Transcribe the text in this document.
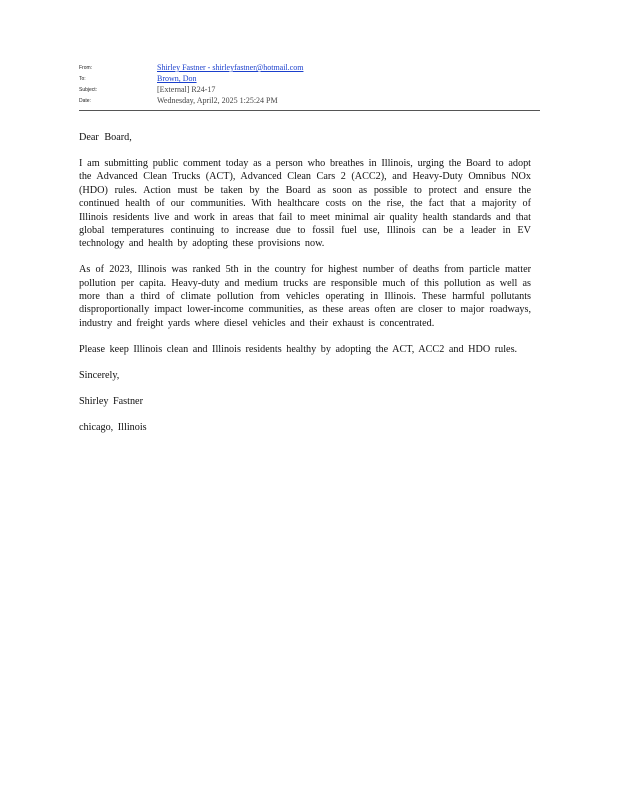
From:	Shirley Fastner - shirleyfastner@hotmail.com
To:	Brown, Don
Subject:	[External] R24-17
Date:	Wednesday, April2, 2025 1:25:24 PM

Dear Board,

I am submitting public comment today as a person who breathes in Illinois, urging the Board to adopt the Advanced Clean Trucks (ACT), Advanced Clean Cars 2 (ACC2), and Heavy-Duty Omnibus NOx (HDO) rules. Action must be taken by the Board as soon as possible to protect and ensure the continued health of our communities. With healthcare costs on the rise, the fact that a majority of Illinois residents live and work in areas that fail to meet minimal air quality health standards and that global temperatures continuing to increase due to fossil fuel use, Illinois can be a leader in EV technology and health by adopting these provisions now.

As of 2023, Illinois was ranked 5th in the country for highest number of deaths from particle matter pollution per capita. Heavy-duty and medium trucks are responsible much of this pollution as well as more than a third of climate pollution from vehicles operating in Illinois. These harmful pollutants disproportionally impact lower-income communities, as these areas often are closer to major roadways, industry and freight yards where diesel vehicles and their exhaust is concentrated.

Please keep Illinois clean and Illinois residents healthy by adopting the ACT, ACC2 and HDO rules.

Sincerely,

Shirley Fastner

chicago, Illinois
